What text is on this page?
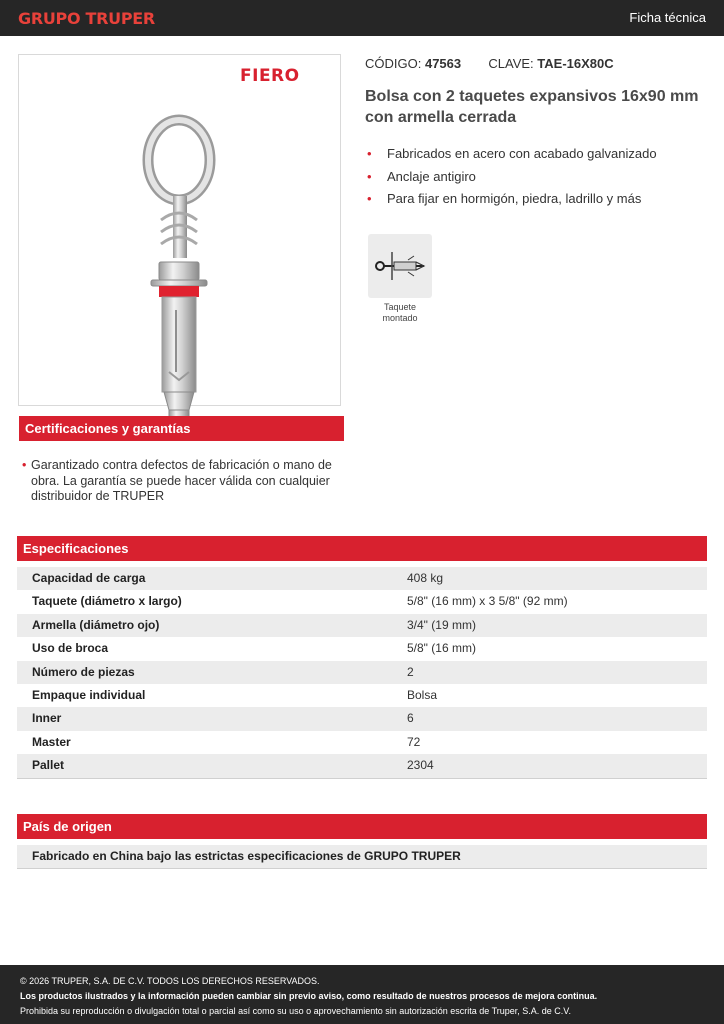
GRUPO TRUPER	Ficha técnica
FIERO
CÓDIGO: 47563 CLAVE: TAE-16X80C
Bolsa con 2 taquetes expansivos 16x90 mm con armella cerrada
• Fabricados en acero con acabado galvanizado
• Anclaje antigiro
• Para fijar en hormigón, piedra, ladrillo y más
Taquete montado
Certificaciones y garantías
• Garantizado contra defectos de fabricación o mano de obra. La garantía se puede hacer válida con cualquier distribuidor de TRUPER
Especificaciones
Capacidad de carga	408 kg
Taquete (diámetro x largo)	5/8" (16 mm) x 3 5/8" (92 mm)
Armella (diámetro ojo)	3/4" (19 mm)
Uso de broca	5/8" (16 mm)
Número de piezas	2
Empaque individual	Bolsa
Inner	6
Master	72
Pallet	2304
País de origen
Fabricado en China bajo las estrictas especificaciones de GRUPO TRUPER
© 2026 TRUPER, S.A. DE C.V. TODOS LOS DERECHOS RESERVADOS.
Los productos ilustrados y la información pueden cambiar sin previo aviso, como resultado de nuestros procesos de mejora continua.
Prohibida su reproducción o divulgación total o parcial así como su uso o aprovechamiento sin autorización escrita de Truper, S.A. de C.V.
